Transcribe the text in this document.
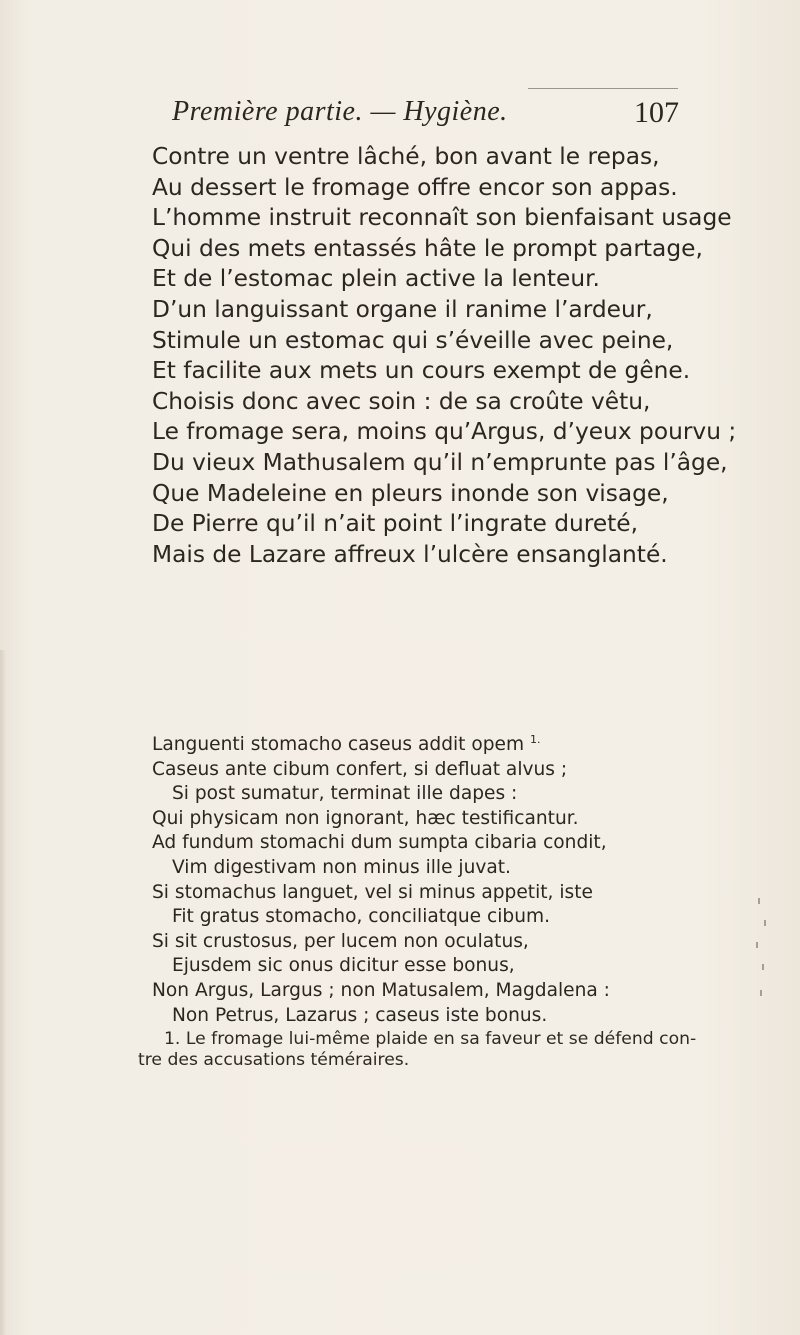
Première partie. — Hygiène.	107
Contre un ventre lâché, bon avant le repas,
Au dessert le fromage offre encor son appas.
L’homme instruit reconnaît son bienfaisant usage
Qui des mets entassés hâte le prompt partage,
Et de l’estomac plein active la lenteur.
D’un languissant organe il ranime l’ardeur,
Stimule un estomac qui s’éveille avec peine,
Et facilite aux mets un cours exempt de gêne.
Choisis donc avec soin : de sa croûte vêtu,
Le fromage sera, moins qu’Argus, d’yeux pourvu ;
Du vieux Mathusalem qu’il n’emprunte pas l’âge,
Que Madeleine en pleurs inonde son visage,
De Pierre qu’il n’ait point l’ingrate dureté,
Mais de Lazare affreux l’ulcère ensanglanté.
Languenti stomacho caseus addit opem $^{1.}$
Caseus ante cibum confert, si defluat alvus ;
Si post sumatur, terminat ille dapes :
Qui physicam non ignorant, hæc testificantur.
Ad fundum stomachi dum sumpta cibaria condit,
Vim digestivam non minus ille juvat.
Si stomachus languet, vel si minus appetit, iste
Fit gratus stomacho, conciliatque cibum.
Si sit crustosus, per lucem non oculatus,
Ejusdem sic onus dicitur esse bonus,
Non Argus, Largus ; non Matusalem, Magdalena :
Non Petrus, Lazarus ; caseus iste bonus.
1. Le fromage lui-même plaide en sa faveur et se défend con-
tre des accusations téméraires.
